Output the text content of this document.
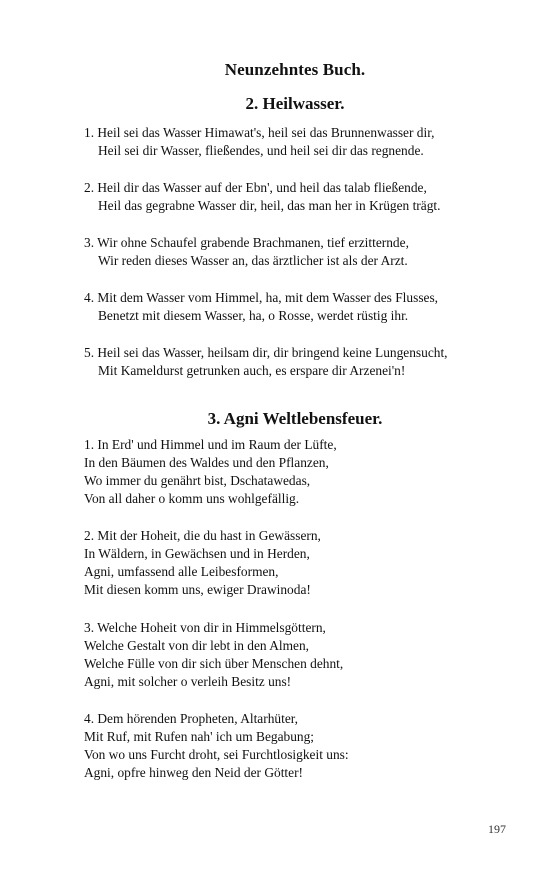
Neunzehntes Buch.
2. Heilwasser.
1. Heil sei das Wasser Himawat's, heil sei das Brunnenwasser dir,
Heil sei dir Wasser, fließendes, und heil sei dir das regnende.
2. Heil dir das Wasser auf der Ebn', und heil das talab fließende,
Heil das gegrabne Wasser dir, heil, das man her in Krügen trägt.
3. Wir ohne Schaufel grabende Brachmanen, tief erzitternde,
Wir reden dieses Wasser an, das ärztlicher ist als der Arzt.
4. Mit dem Wasser vom Himmel, ha, mit dem Wasser des Flusses,
Benetzt mit diesem Wasser, ha, o Rosse, werdet rüstig ihr.
5. Heil sei das Wasser, heilsam dir, dir bringend keine Lungensucht,
Mit Kameldurst getrunken auch, es erspare dir Arzenei'n!
3. Agni Weltlebensfeuer.
1. In Erd' und Himmel und im Raum der Lüfte,
In den Bäumen des Waldes und den Pflanzen,
Wo immer du genährt bist, Dschatawedas,
Von all daher o komm uns wohlgefällig.
2. Mit der Hoheit, die du hast in Gewässern,
In Wäldern, in Gewächsen und in Herden,
Agni, umfassend alle Leibesformen,
Mit diesen komm uns, ewiger Drawinoda!
3. Welche Hoheit von dir in Himmelsgöttern,
Welche Gestalt von dir lebt in den Almen,
Welche Fülle von dir sich über Menschen dehnt,
Agni, mit solcher o verleih Besitz uns!
4. Dem hörenden Propheten, Altarhüter,
Mit Ruf, mit Rufen nah' ich um Begabung;
Von wo uns Furcht droht, sei Furchtlosigkeit uns:
Agni, opfre hinweg den Neid der Götter!
197
